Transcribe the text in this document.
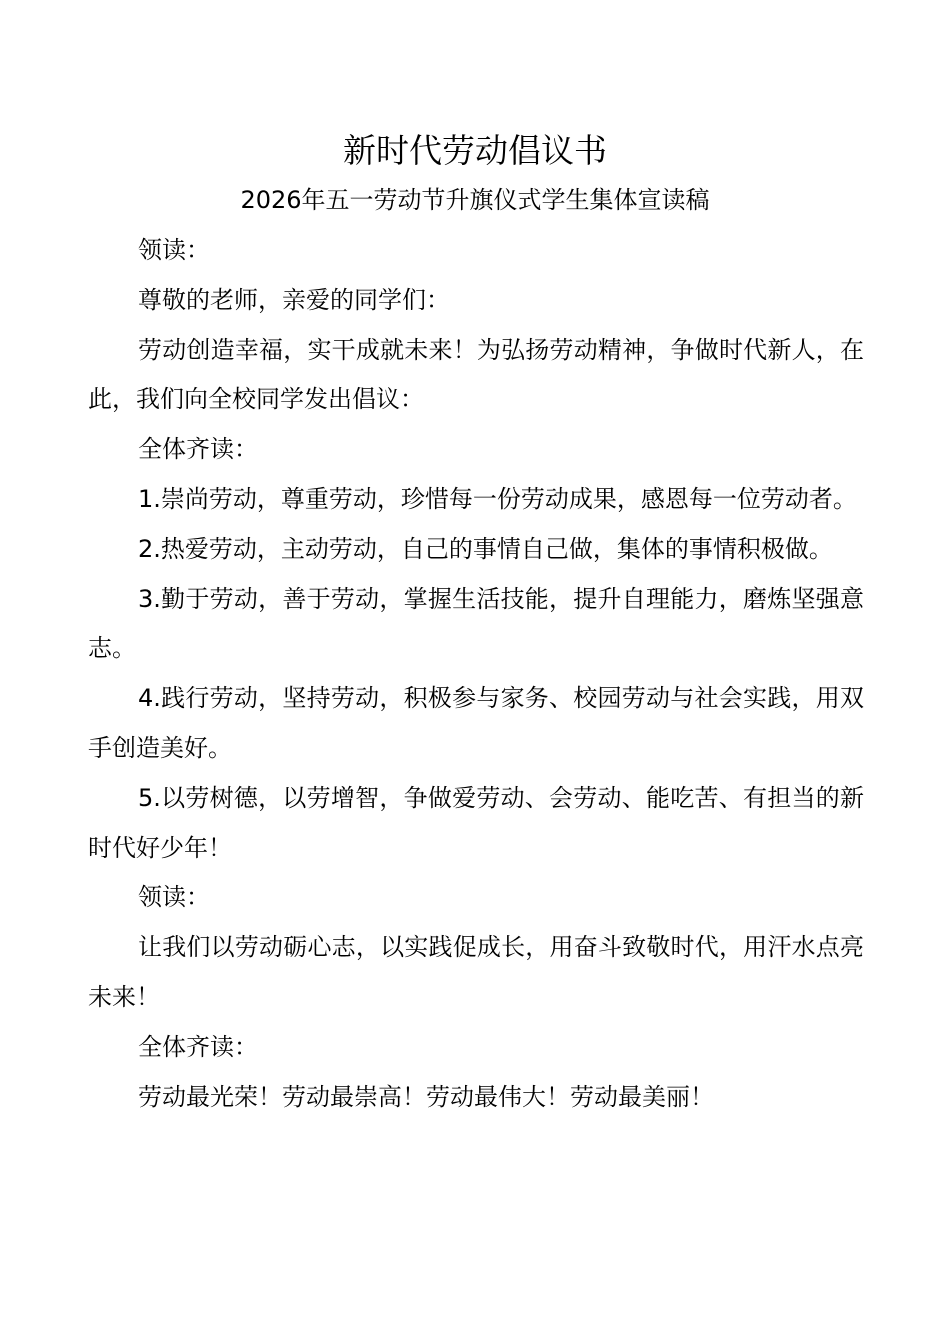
新时代劳动倡议书
2026年五一劳动节升旗仪式学生集体宣读稿

领读：

尊敬的老师，亲爱的同学们：

劳动创造幸福，实干成就未来！为弘扬劳动精神，争做时代新人，在此，我们向全校同学发出倡议：

全体齐读：

1.崇尚劳动，尊重劳动，珍惜每一份劳动成果，感恩每一位劳动者。

2.热爱劳动，主动劳动，自己的事情自己做，集体的事情积极做。

3.勤于劳动，善于劳动，掌握生活技能，提升自理能力，磨炼坚强意志。

4.践行劳动，坚持劳动，积极参与家务、校园劳动与社会实践，用双手创造美好。

5.以劳树德，以劳增智，争做爱劳动、会劳动、能吃苦、有担当的新时代好少年！

领读：

让我们以劳动砺心志，以实践促成长，用奋斗致敬时代，用汗水点亮未来！

全体齐读：

劳动最光荣！劳动最崇高！劳动最伟大！劳动最美丽！
